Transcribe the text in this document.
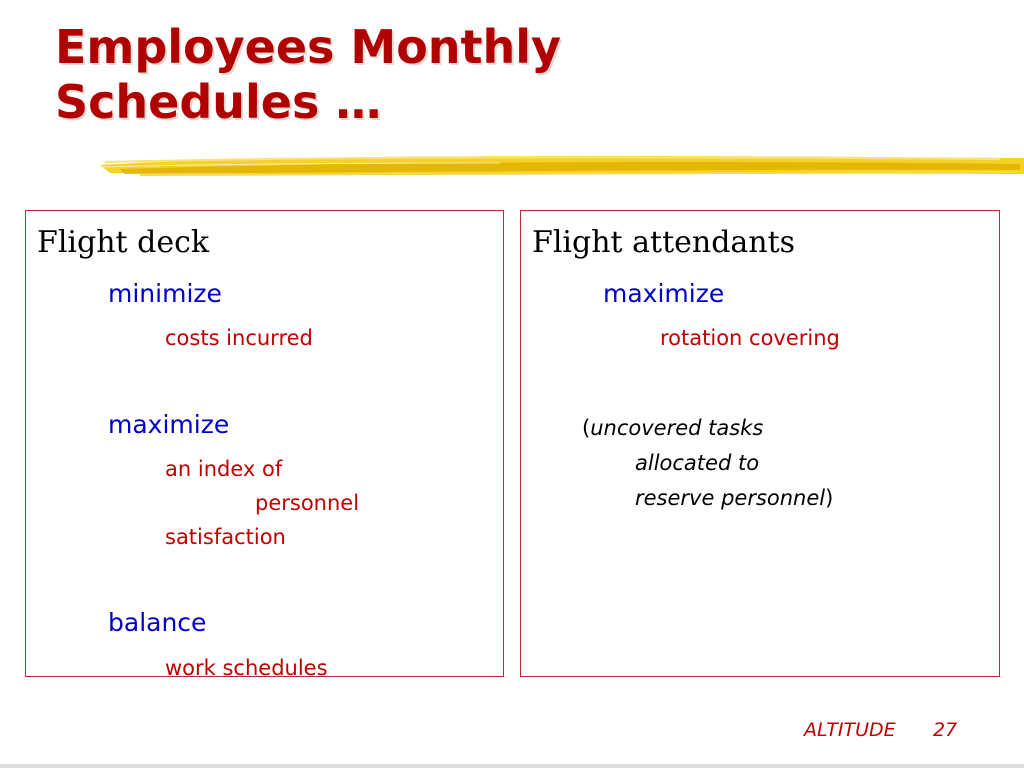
Employees Monthly
Schedules …
Flight deck
minimize
costs incurred
maximize
an index of
personnel
satisfaction
balance
work schedules
Flight attendants
maximize
rotation covering
(uncovered tasks
allocated to
reserve personnel)
ALTITUDE 27
